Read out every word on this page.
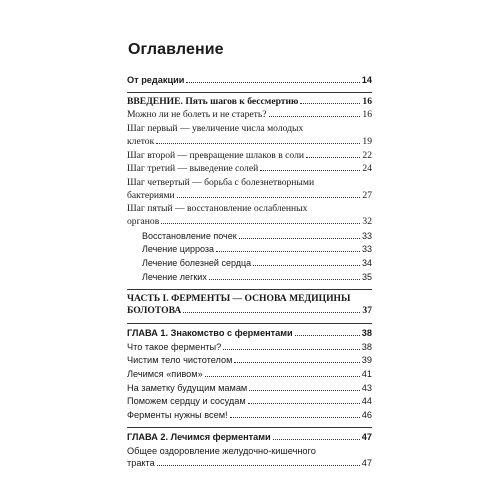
Оглавление
От редакции	14
ВВЕДЕНИЕ. Пять шагов к бессмертию	16
Можно ли не болеть и не стареть?	16
Шаг первый — увеличение числа молодых
клеток	19
Шаг второй — превращение шлаков в соли	22
Шаг третий — выведение солей	24
Шаг четвертый — борьба с болезнетворными
бактериями	27
Шаг пятый — восстановление ослабленных
органов	32
Восстановление почек	33
Лечение цирроза	33
Лечение болезней сердца	34
Лечение легких	35
ЧАСТЬ I. ФЕРМЕНТЫ — ОСНОВА МЕДИЦИНЫ
БОЛОТОВА	37
ГЛАВА 1. Знакомство с ферментами	38
Что такое ферменты?	38
Чистим тело чистотелом	39
Лечимся «пивом»	41
На заметку будущим мамам	43
Поможем сердцу и сосудам	44
Ферменты нужны всем!	46
ГЛАВА 2. Лечимся ферментами	47
Общее оздоровление желудочно-кишечного
тракта	47
